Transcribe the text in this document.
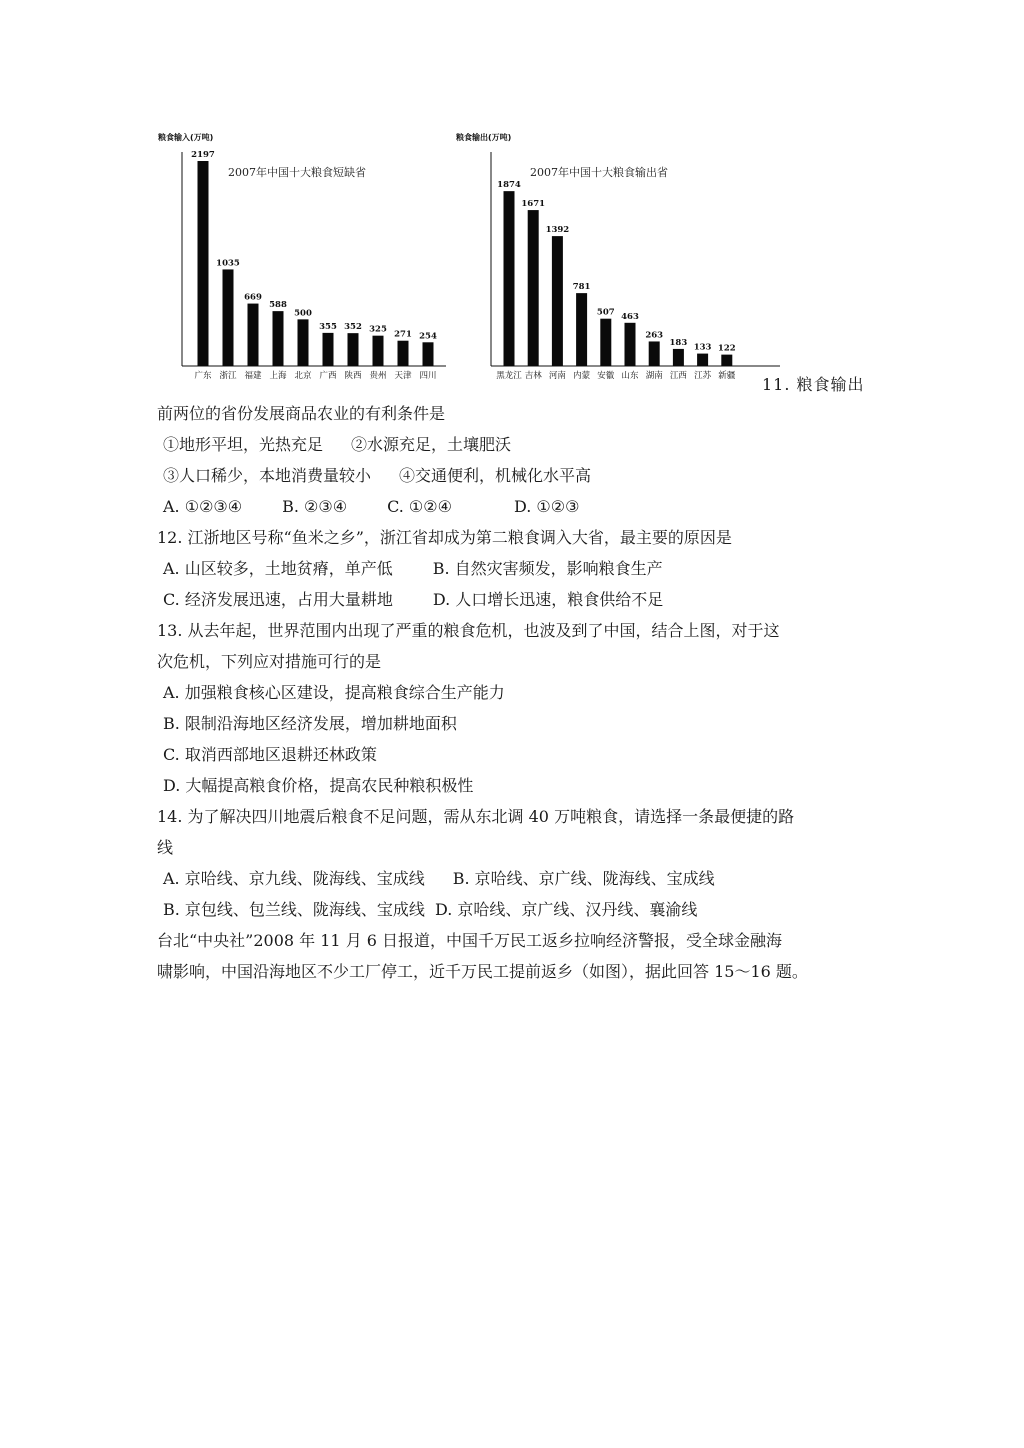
粮食输入(万吨)
2007年中国十大粮食短缺省
2197
广东
1035
浙江
669
福建
588
上海
500
北京
355
广西
352
陕西
325
贵州
271
天津
254
四川
粮食输出(万吨)
2007年中国十大粮食输出省
1874
黑龙江
1671
吉林
1392
河南
781
内蒙
507
安徽
463
山东
263
湖南
183
江西
133
江苏
122
新疆 11. 粮食输出
前两位的省份发展商品农业的有利条件是
①地形平坦，光热充足 ②水源充足，土壤肥沃
③人口稀少，本地消费量较小 ④交通便利，机械化水平高
A. ①②③④	B. ②③④	C. ①②④	D. ①②③
12. 江浙地区号称“鱼米之乡”，浙江省却成为第二粮食调入大省，最主要的原因是
A. 山区较多，土地贫瘠，单产低	B. 自然灾害频发，影响粮食生产
C. 经济发展迅速，占用大量耕地	D. 人口增长迅速，粮食供给不足
13. 从去年起，世界范围内出现了严重的粮食危机，也波及到了中国，结合上图，对于这
次危机，下列应对措施可行的是
A. 加强粮食核心区建设，提高粮食综合生产能力
B. 限制沿海地区经济发展，增加耕地面积
C. 取消西部地区退耕还林政策
D. 大幅提高粮食价格，提高农民种粮积极性
14. 为了解决四川地震后粮食不足问题，需从东北调 40 万吨粮食，请选择一条最便捷的路
线
A. 京哈线、京九线、陇海线、宝成线 B. 京哈线、京广线、陇海线、宝成线
B. 京包线、包兰线、陇海线、宝成线 D. 京哈线、京广线、汉丹线、襄渝线
台北“中央社”2008 年 11 月 6 日报道，中国千万民工返乡拉响经济警报，受全球金融海
啸影响，中国沿海地区不少工厂停工，近千万民工提前返乡（如图），据此回答 15～16 题。
